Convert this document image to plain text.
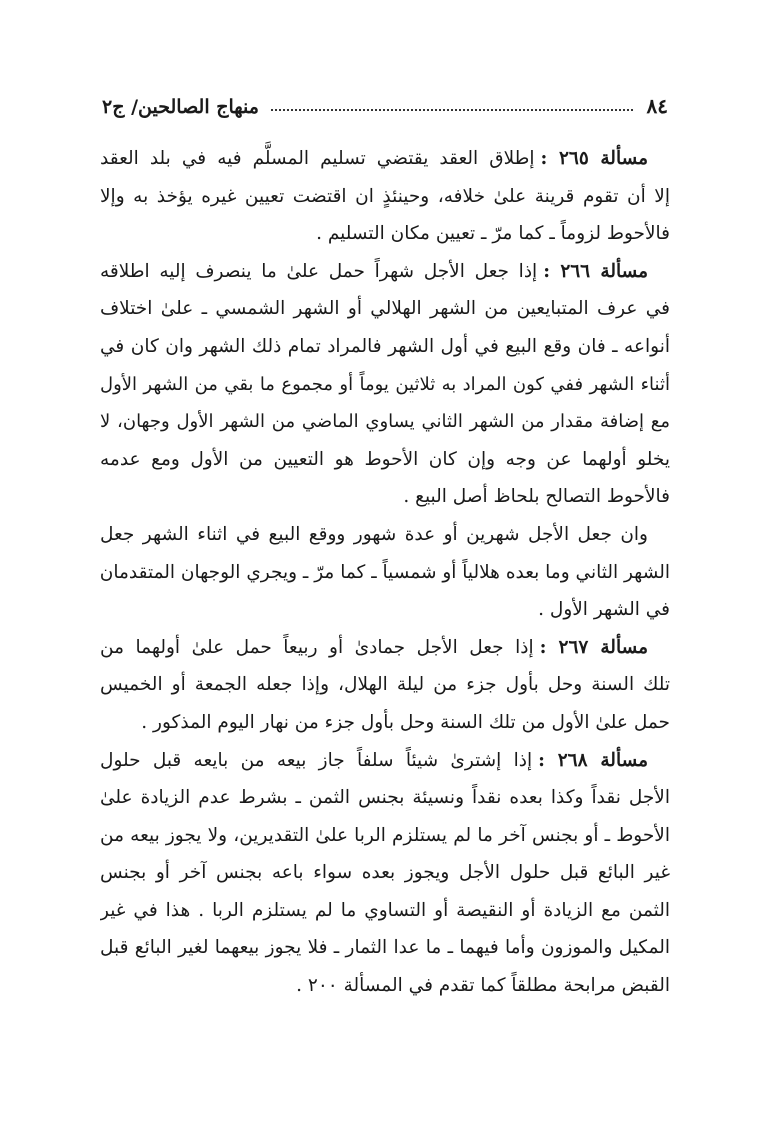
٨٤
منهاج الصالحين/ ج٢
مسألة ٢٦٥ :إطلاق العقد يقتضي تسليم المسلَّم فيه في بلد العقد
إلا أن تقوم قرينة علىٰ خلافه، وحينئذٍ ان اقتضت تعيين غيره يؤخذ به وإلا
فالأحوط لزوماً ـ كما مرّ ـ تعيين مكان التسليم .
مسألة ٢٦٦ :إذا جعل الأجل شهراً حمل علىٰ ما ينصرف إليه اطلاقه
في عرف المتبايعين من الشهر الهلالي أو الشهر الشمسي ـ علىٰ اختلاف
أنواعه ـ فان وقع البيع في أول الشهر فالمراد تمام ذلك الشهر وان كان في
أثناء الشهر ففي كون المراد به ثلاثين يوماً أو مجموع ما بقي من الشهر الأول
مع إضافة مقدار من الشهر الثاني يساوي الماضي من الشهر الأول وجهان، لا
يخلو أولهما عن وجه وإن كان الأحوط هو التعيين من الأول ومع عدمه
فالأحوط التصالح بلحاظ أصل البيع .
وان جعل الأجل شهرين أو عدة شهور ووقع البيع في اثناء الشهر جعل
الشهر الثاني وما بعده هلالياً أو شمسياً ـ كما مرّ ـ ويجري الوجهان المتقدمان
في الشهر الأول .
مسألة ٢٦٧ :إذا جعل الأجل جمادىٰ أو ربيعاً حمل علىٰ أولهما من
تلك السنة وحل بأول جزء من ليلة الهلال، وإذا جعله الجمعة أو الخميس
حمل علىٰ الأول من تلك السنة وحل بأول جزء من نهار اليوم المذكور .
مسألة ٢٦٨ :إذا إشترىٰ شيئاً سلفاً جاز بيعه من بايعه قبل حلول
الأجل نقداً وكذا بعده نقداً ونسيئة بجنس الثمن ـ بشرط عدم الزيادة علىٰ
الأحوط ـ أو بجنس آخر ما لم يستلزم الربا علىٰ التقديرين، ولا يجوز بيعه من
غير البائع قبل حلول الأجل ويجوز بعده سواء باعه بجنس آخر أو بجنس
الثمن مع الزيادة أو النقيصة أو التساوي ما لم يستلزم الربا . هذا في غير
المكيل والموزون وأما فيهما ـ ما عدا الثمار ـ فلا يجوز بيعهما لغير البائع قبل
القبض مرابحة مطلقاً كما تقدم في المسألة ٢٠٠ .
